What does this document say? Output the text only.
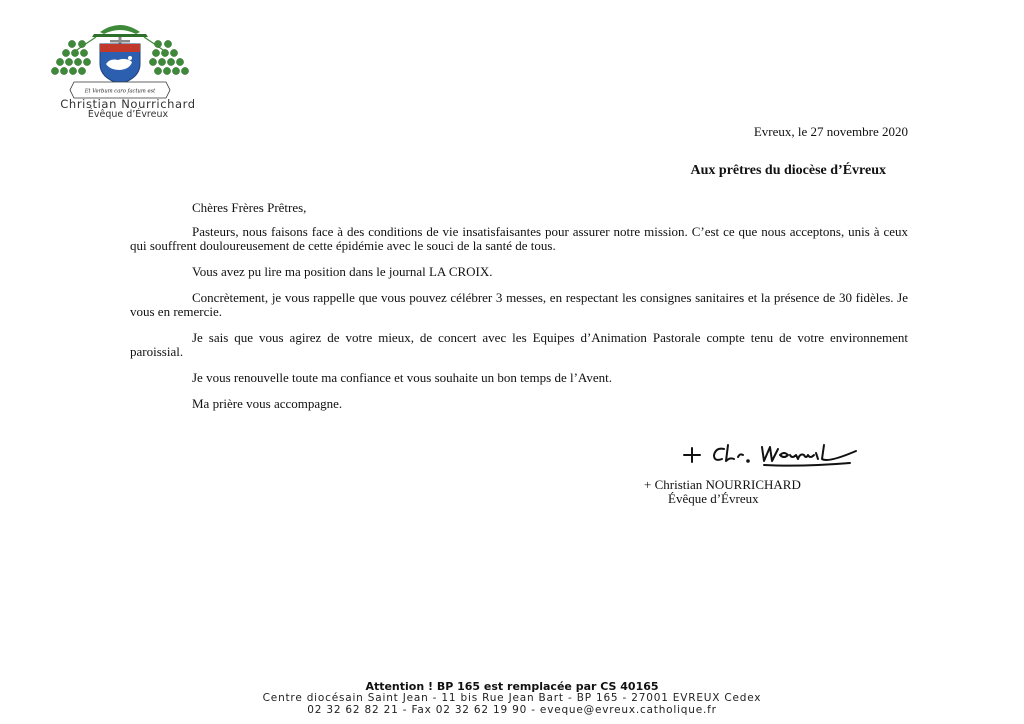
Et Verbum caro factum est
Christian Nourrichard
Évêque d’Évreux
Evreux, le 27 novembre 2020
Aux prêtres du diocèse d’Évreux

Chères Frères Prêtres,

Pasteurs, nous faisons face à des conditions de vie insatisfaisantes pour assurer notre mission. C’est ce que nous acceptons, unis à ceux qui souffrent douloureusement de cette épidémie avec le souci de la santé de tous.

Vous avez pu lire ma position dans le journal LA CROIX.

Concrètement, je vous rappelle que vous pouvez célébrer 3 messes, en respectant les consignes sanitaires et la présence de 30 fidèles. Je vous en remercie.

Je sais que vous agirez de votre mieux, de concert avec les Equipes d’Animation Pastorale compte tenu de votre environnement paroissial.

Je vous renouvelle toute ma confiance et vous souhaite un bon temps de l’Avent.

Ma prière vous accompagne.

+ Christian NOURRICHARD
Évêque d’Évreux
Attention ! BP 165 est remplacée par CS 40165
Centre diocésain Saint Jean - 11 bis Rue Jean Bart - BP 165 - 27001 EVREUX Cedex
02 32 62 82 21 - Fax 02 32 62 19 90 - eveque@evreux.catholique.fr
